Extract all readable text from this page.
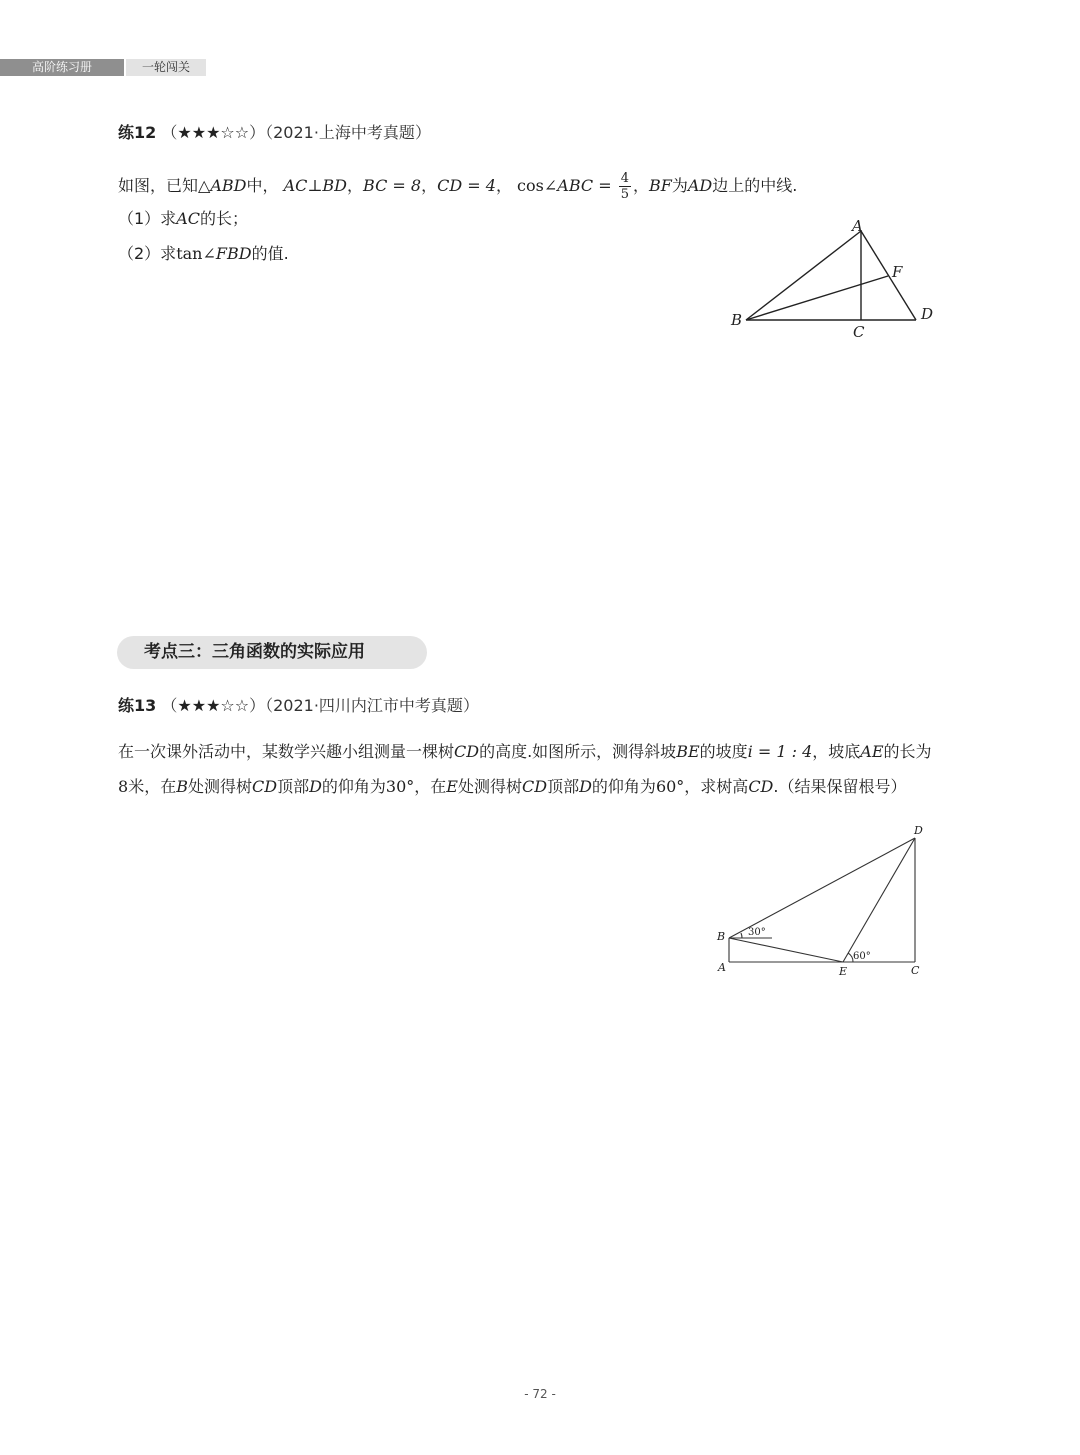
高阶练习册	一轮闯关
练12 （★★★☆☆）（2021·上海中考真题）
如图，已知△ABD中， AC⊥BD，BC = 8，CD = 4， cos∠ABC = $\frac{4}{5}$ ，BF为AD边上的中线.
（1）求AC的长；
（2）求tan∠FBD的值.
A
B
C
D
F
考点三：三角函数的实际应用
练13 （★★★☆☆）（2021·四川内江市中考真题）
在一次课外活动中，某数学兴趣小组测量一棵树CD的高度.如图所示，测得斜坡BE的坡度i = 1 : 4，坡底AE的长为
8米，在B处测得树CD顶部D的仰角为30°，在E处测得树CD顶部D的仰角为60°，求树高CD.（结果保留根号）
30°
60°
A
B
C
D
E
- 72 -
